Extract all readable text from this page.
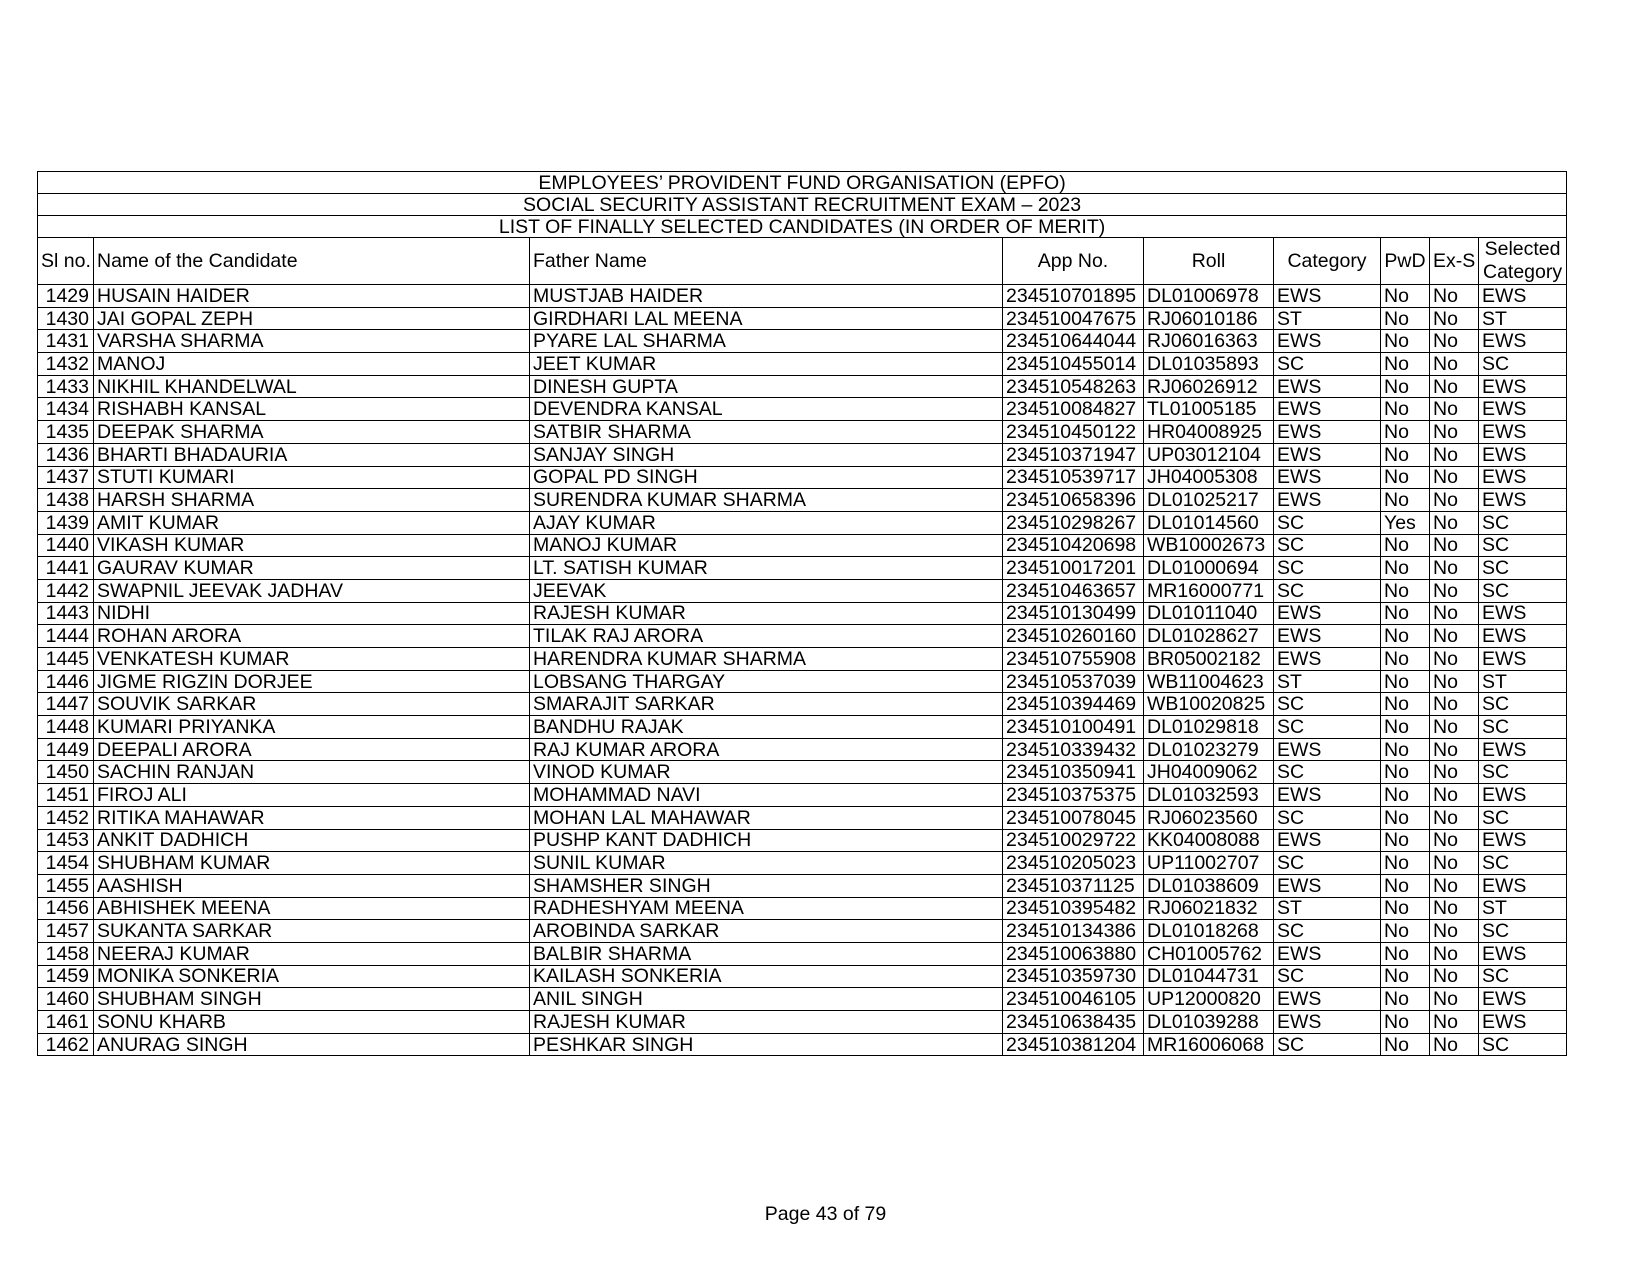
EMPLOYEES’ PROVIDENT FUND ORGANISATION (EPFO)								
SOCIAL SECURITY ASSISTANT RECRUITMENT EXAM – 2023								
LIST OF FINALLY SELECTED CANDIDATES (IN ORDER OF MERIT)								
Sl no.	Name of the Candidate	Father Name	App No.	Roll	Category	PwD	Ex-S	Selected Category
1429	HUSAIN HAIDER	MUSTJAB HAIDER	234510701895	DL01006978	EWS	No	No	EWS
1430	JAI GOPAL ZEPH	GIRDHARI LAL MEENA	234510047675	RJ06010186	ST	No	No	ST
1431	VARSHA SHARMA	PYARE LAL SHARMA	234510644044	RJ06016363	EWS	No	No	EWS
1432	MANOJ	JEET KUMAR	234510455014	DL01035893	SC	No	No	SC
1433	NIKHIL KHANDELWAL	DINESH GUPTA	234510548263	RJ06026912	EWS	No	No	EWS
1434	RISHABH KANSAL	DEVENDRA KANSAL	234510084827	TL01005185	EWS	No	No	EWS
1435	DEEPAK SHARMA	SATBIR SHARMA	234510450122	HR04008925	EWS	No	No	EWS
1436	BHARTI BHADAURIA	SANJAY SINGH	234510371947	UP03012104	EWS	No	No	EWS
1437	STUTI KUMARI	GOPAL PD SINGH	234510539717	JH04005308	EWS	No	No	EWS
1438	HARSH SHARMA	SURENDRA KUMAR SHARMA	234510658396	DL01025217	EWS	No	No	EWS
1439	AMIT KUMAR	AJAY KUMAR	234510298267	DL01014560	SC	Yes	No	SC
1440	VIKASH KUMAR	MANOJ KUMAR	234510420698	WB10002673	SC	No	No	SC
1441	GAURAV KUMAR	LT. SATISH KUMAR	234510017201	DL01000694	SC	No	No	SC
1442	SWAPNIL JEEVAK JADHAV	JEEVAK	234510463657	MR16000771	SC	No	No	SC
1443	NIDHI	RAJESH KUMAR	234510130499	DL01011040	EWS	No	No	EWS
1444	ROHAN ARORA	TILAK RAJ ARORA	234510260160	DL01028627	EWS	No	No	EWS
1445	VENKATESH KUMAR	HARENDRA KUMAR SHARMA	234510755908	BR05002182	EWS	No	No	EWS
1446	JIGME RIGZIN DORJEE	LOBSANG THARGAY	234510537039	WB11004623	ST	No	No	ST
1447	SOUVIK SARKAR	SMARAJIT SARKAR	234510394469	WB10020825	SC	No	No	SC
1448	KUMARI PRIYANKA	BANDHU RAJAK	234510100491	DL01029818	SC	No	No	SC
1449	DEEPALI ARORA	RAJ KUMAR ARORA	234510339432	DL01023279	EWS	No	No	EWS
1450	SACHIN RANJAN	VINOD KUMAR	234510350941	JH04009062	SC	No	No	SC
1451	FIROJ ALI	MOHAMMAD NAVI	234510375375	DL01032593	EWS	No	No	EWS
1452	RITIKA MAHAWAR	MOHAN LAL MAHAWAR	234510078045	RJ06023560	SC	No	No	SC
1453	ANKIT DADHICH	PUSHP KANT DADHICH	234510029722	KK04008088	EWS	No	No	EWS
1454	SHUBHAM KUMAR	SUNIL KUMAR	234510205023	UP11002707	SC	No	No	SC
1455	AASHISH	SHAMSHER SINGH	234510371125	DL01038609	EWS	No	No	EWS
1456	ABHISHEK MEENA	RADHESHYAM MEENA	234510395482	RJ06021832	ST	No	No	ST
1457	SUKANTA SARKAR	AROBINDA SARKAR	234510134386	DL01018268	SC	No	No	SC
1458	NEERAJ KUMAR	BALBIR SHARMA	234510063880	CH01005762	EWS	No	No	EWS
1459	MONIKA SONKERIA	KAILASH SONKERIA	234510359730	DL01044731	SC	No	No	SC
1460	SHUBHAM SINGH	ANIL SINGH	234510046105	UP12000820	EWS	No	No	EWS
1461	SONU KHARB	RAJESH KUMAR	234510638435	DL01039288	EWS	No	No	EWS
1462	ANURAG SINGH	PESHKAR SINGH	234510381204	MR16006068	SC	No	No	SC
Page 43 of 79
